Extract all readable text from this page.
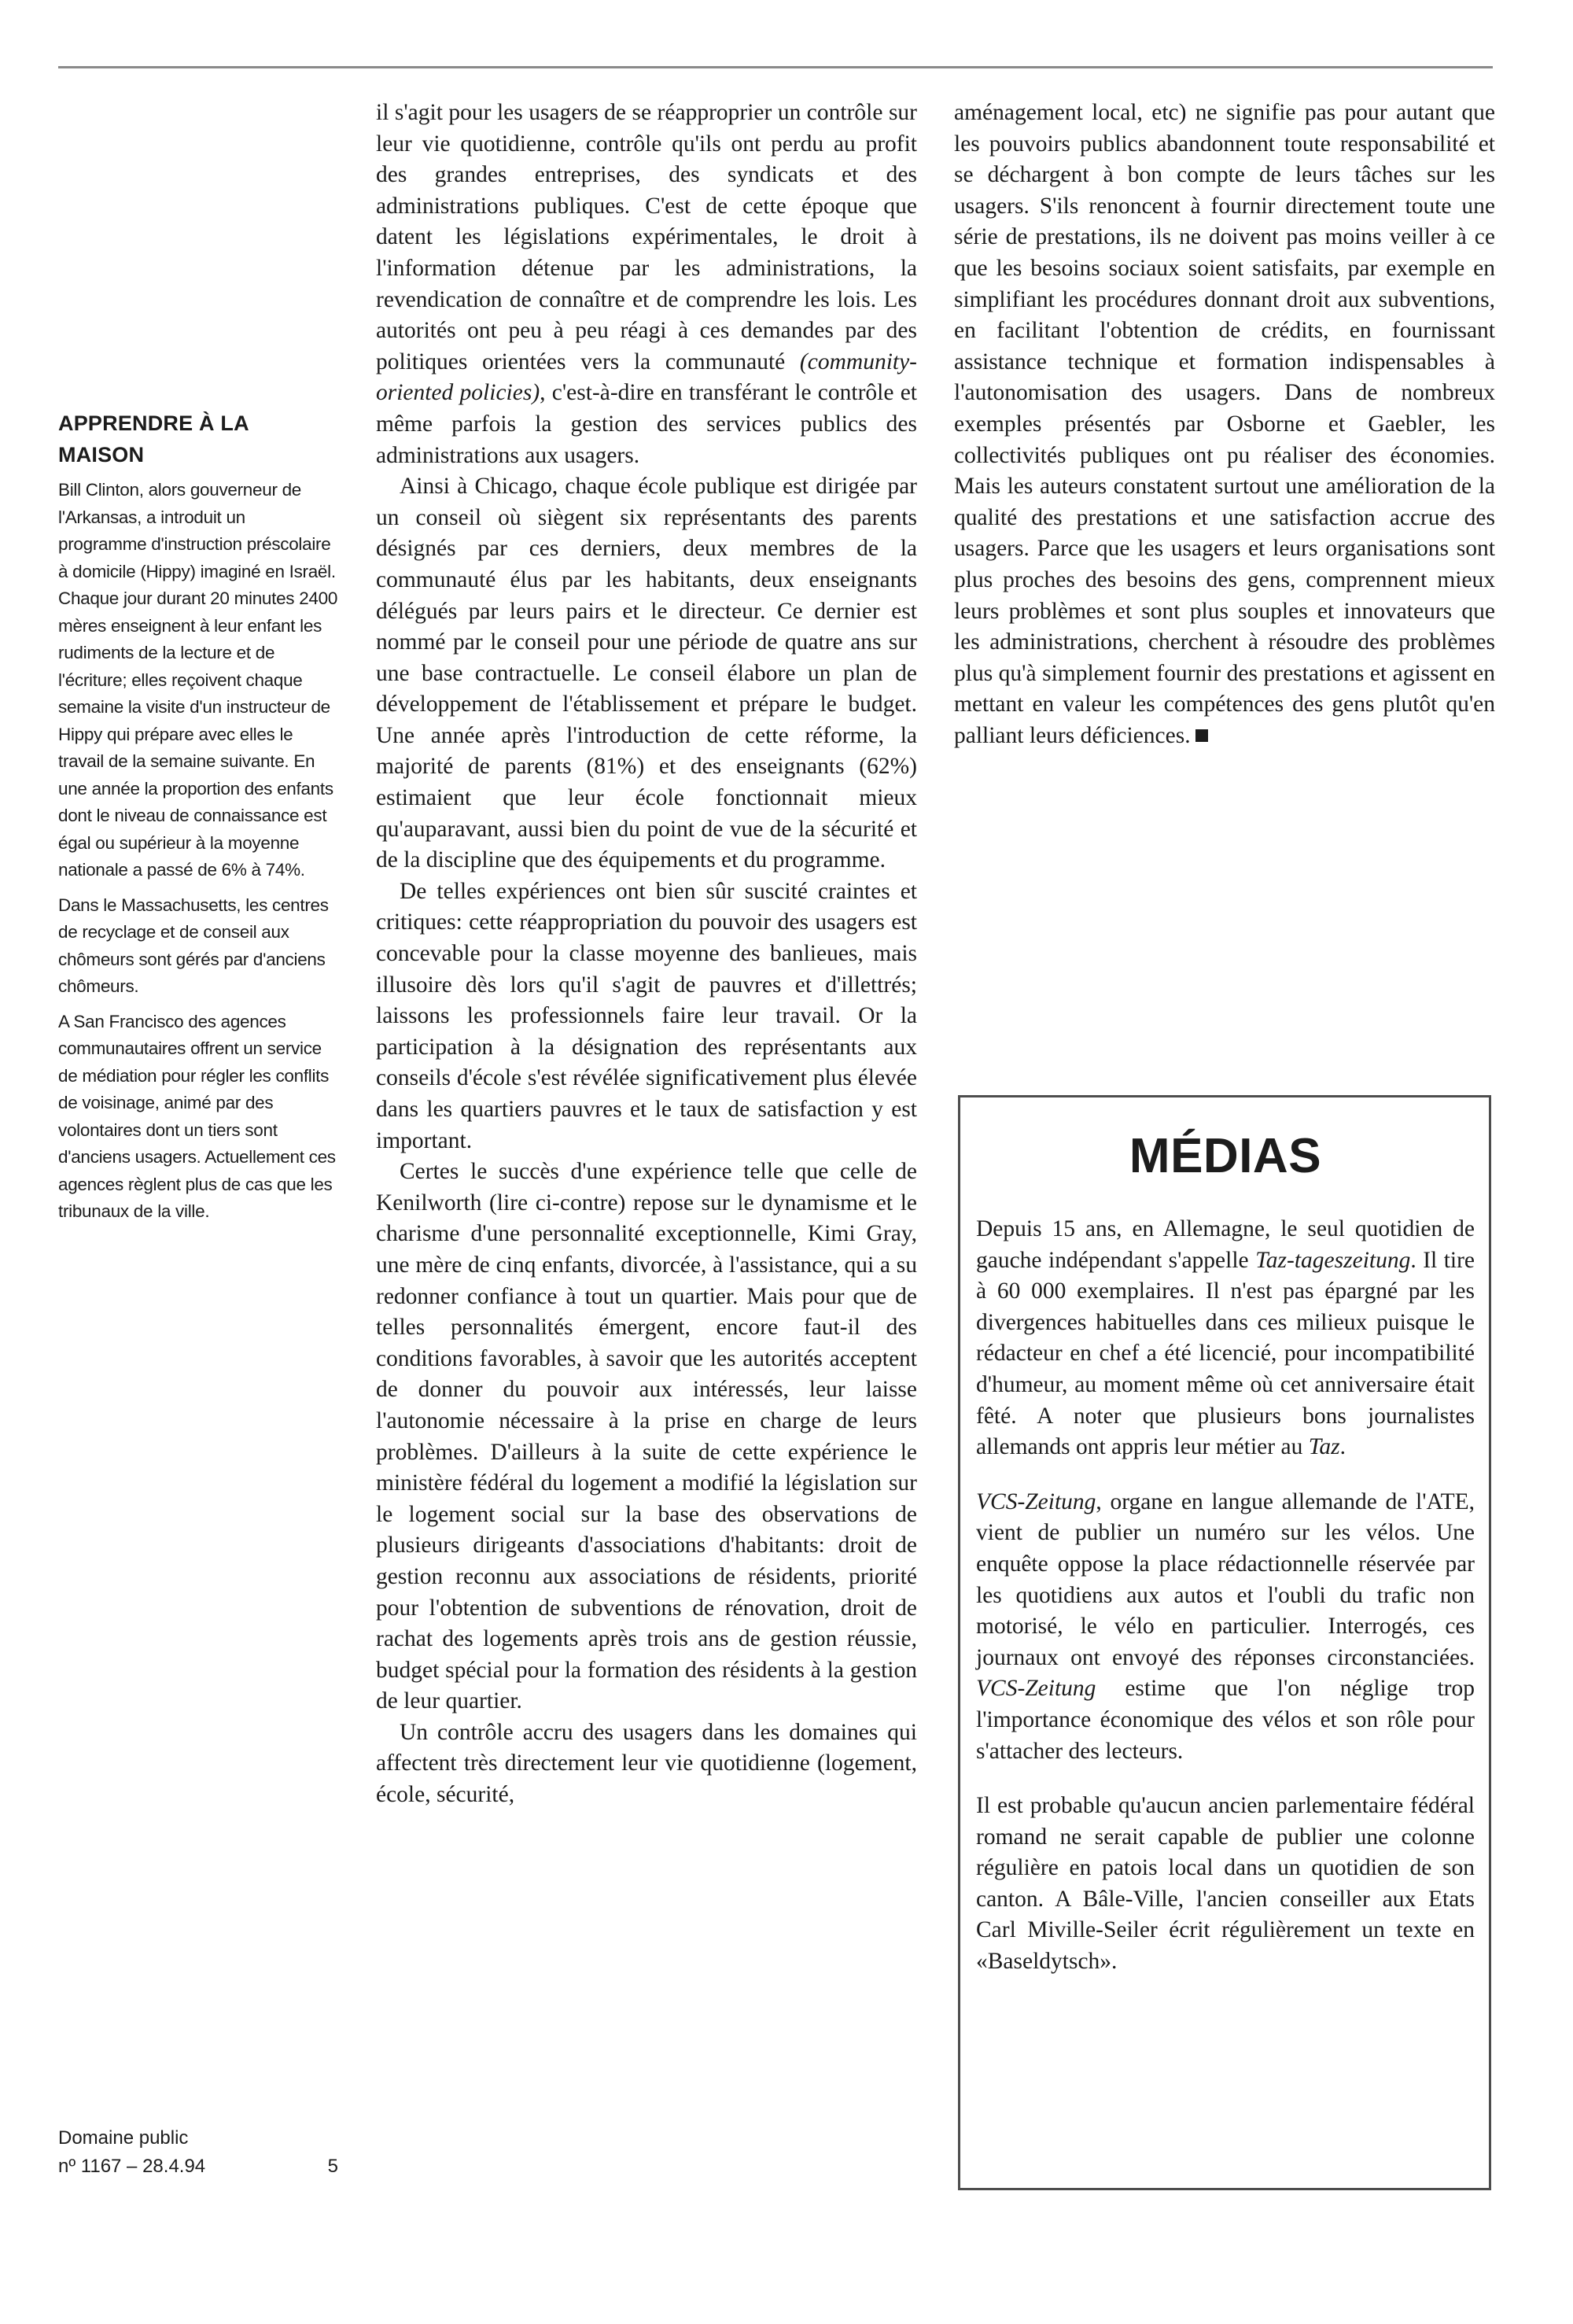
APPRENDRE À LA MAISON

Bill Clinton, alors gouverneur de l'Arkansas, a introduit un programme d'instruction préscolaire à domicile (Hippy) imaginé en Israël. Chaque jour durant 20 minutes 2400 mères enseignent à leur enfant les rudiments de la lecture et de l'écriture; elles reçoivent chaque semaine la visite d'un instructeur de Hippy qui prépare avec elles le travail de la semaine suivante. En une année la proportion des enfants dont le niveau de connaissance est égal ou supérieur à la moyenne nationale a passé de 6% à 74%.

Dans le Massachusetts, les centres de recyclage et de conseil aux chômeurs sont gérés par d'anciens chômeurs.

A San Francisco des agences communautaires offrent un service de médiation pour régler les conflits de voisinage, animé par des volontaires dont un tiers sont d'anciens usagers. Actuellement ces agences règlent plus de cas que les tribunaux de la ville.

Domaine public
nº 1167 – 28.4.94	5

il s'agit pour les usagers de se réapproprier un contrôle sur leur vie quotidienne, contrôle qu'ils ont perdu au profit des grandes entreprises, des syndicats et des administrations publiques. C'est de cette époque que datent les législations expérimentales, le droit à l'information détenue par les administrations, la revendication de connaître et de comprendre les lois. Les autorités ont peu à peu réagi à ces demandes par des politiques orientées vers la communauté (community-oriented policies), c'est-à-dire en transférant le contrôle et même parfois la gestion des services publics des administrations aux usagers.

Ainsi à Chicago, chaque école publique est dirigée par un conseil où siègent six représentants des parents désignés par ces derniers, deux membres de la communauté élus par les habitants, deux enseignants délégués par leurs pairs et le directeur. Ce dernier est nommé par le conseil pour une période de quatre ans sur une base contractuelle. Le conseil élabore un plan de développement de l'établissement et prépare le budget. Une année après l'introduction de cette réforme, la majorité de parents (81%) et des enseignants (62%) estimaient que leur école fonctionnait mieux qu'auparavant, aussi bien du point de vue de la sécurité et de la discipline que des équipements et du programme.

De telles expériences ont bien sûr suscité craintes et critiques: cette réappropriation du pouvoir des usagers est concevable pour la classe moyenne des banlieues, mais illusoire dès lors qu'il s'agit de pauvres et d'illettrés; laissons les professionnels faire leur travail. Or la participation à la désignation des représentants aux conseils d'école s'est révélée significativement plus élevée dans les quartiers pauvres et le taux de satisfaction y est important.

Certes le succès d'une expérience telle que celle de Kenilworth (lire ci-contre) repose sur le dynamisme et le charisme d'une personnalité exceptionnelle, Kimi Gray, une mère de cinq enfants, divorcée, à l'assistance, qui a su redonner confiance à tout un quartier. Mais pour que de telles personnalités émergent, encore faut-il des conditions favorables, à savoir que les autorités acceptent de donner du pouvoir aux intéressés, leur laisse l'autonomie nécessaire à la prise en charge de leurs problèmes. D'ailleurs à la suite de cette expérience le ministère fédéral du logement a modifié la législation sur le logement social sur la base des observations de plusieurs dirigeants d'associations d'habitants: droit de gestion reconnu aux associations de résidents, priorité pour l'obtention de subventions de rénovation, droit de rachat des logements après trois ans de gestion réussie, budget spécial pour la formation des résidents à la gestion de leur quartier.

Un contrôle accru des usagers dans les domaines qui affectent très directement leur vie quotidienne (logement, école, sécurité,

aménagement local, etc) ne signifie pas pour autant que les pouvoirs publics abandonnent toute responsabilité et se déchargent à bon compte de leurs tâches sur les usagers. S'ils renoncent à fournir directement toute une série de prestations, ils ne doivent pas moins veiller à ce que les besoins sociaux soient satisfaits, par exemple en simplifiant les procédures donnant droit aux subventions, en facilitant l'obtention de crédits, en fournissant assistance technique et formation indispensables à l'autonomisation des usagers. Dans de nombreux exemples présentés par Osborne et Gaebler, les collectivités publiques ont pu réaliser des économies. Mais les auteurs constatent surtout une amélioration de la qualité des prestations et une satisfaction accrue des usagers. Parce que les usagers et leurs organisations sont plus proches des besoins des gens, comprennent mieux leurs problèmes et sont plus souples et innovateurs que les administrations, cherchent à résoudre des problèmes plus qu'à simplement fournir des prestations et agissent en mettant en valeur les compétences des gens plutôt qu'en palliant leurs déficiences.

MÉDIAS

Depuis 15 ans, en Allemagne, le seul quotidien de gauche indépendant s'appelle Taz-tageszeitung. Il tire à 60 000 exemplaires. Il n'est pas épargné par les divergences habituelles dans ces milieux puisque le rédacteur en chef a été licencié, pour incompatibilité d'humeur, au moment même où cet anniversaire était fêté. A noter que plusieurs bons journalistes allemands ont appris leur métier au Taz.

VCS-Zeitung, organe en langue allemande de l'ATE, vient de publier un numéro sur les vélos. Une enquête oppose la place rédactionnelle réservée par les quotidiens aux autos et l'oubli du trafic non motorisé, le vélo en particulier. Interrogés, ces journaux ont envoyé des réponses circonstanciées. VCS-Zeitung estime que l'on néglige trop l'importance économique des vélos et son rôle pour s'attacher des lecteurs.

Il est probable qu'aucun ancien parlementaire fédéral romand ne serait capable de publier une colonne régulière en patois local dans un quotidien de son canton. A Bâle-Ville, l'ancien conseiller aux Etats Carl Miville-Seiler écrit régulièrement un texte en «Baseldytsch».
